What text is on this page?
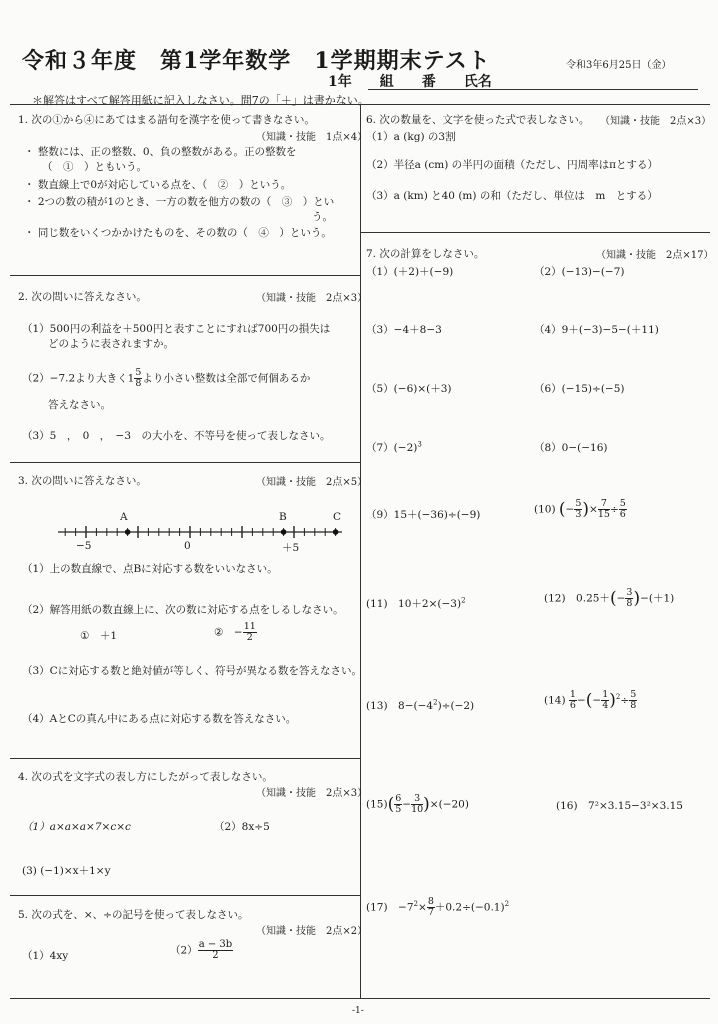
令和３年度　第1学年数学　1学期期末テスト	令和3年6月25日（金）
1年　　組　　番　　氏名
＊解答はすべて解答用紙に記入しなさい。問7の「＋」は書かない。
1. 次の①から④にあてはまる語句を漢字を使って書きなさい。
（知識・技能　1点×4）
・ 整数には、正の整数、0、負の整数がある。正の整数を
（　①　）ともいう。
・ 数直線上で0が対応している点を、（　②　）という。
・ 2つの数の積が1のとき、一方の数を他方の数の（　③　）とい
う。
・ 同じ数をいくつかかけたものを、その数の（　④　）という。
2. 次の問いに答えなさい。	（知識・技能　2点×3）
（1）500円の利益を＋500円と表すことにすれば700円の損失は
どのように表されますか。
（2）−7.2より大きく$1 \frac{5}{8}$ より小さい整数は全部で何個あるか
答えなさい。
（3）5　，　0　，　−3　の大小を、不等号を使って表しなさい。
3. 次の問いに答えなさい。	（知識・技能　2点×5）
A	B	C
−5	0	＋5
（1）上の数直線で、点Bに対応する数をいいなさい。
（2）解答用紙の数直線上に、次の数に対応する点をしるしなさい。
①　＋1	②　− $\frac{11}{2}$
（3）Cに対応する数と絶対値が等しく、符号が異なる数を答えなさい。
（4）AとCの真ん中にある点に対応する数を答えなさい。
4. 次の式を文字式の表し方にしたがって表しなさい。
（知識・技能　2点×3）
（1）a×a×a×7×c×c	（2）8x÷5
(3) (−1)×x＋1×y
5. 次の式を、×、÷の記号を使って表しなさい。
（知識・技能　2点×2）
（1）4xy	$(2) \frac{a - 3b}{2}$
6. 次の数量を、文字を使った式で表しなさい。 （知識・技能　2点×3）
（1）a (kg) の3割
（2）半径a (cm) の半円の面積（ただし、円周率はπとする）
（3）a (km) と40 (m) の和（ただし、単位は　m　とする）
7. 次の計算をしなさい。	（知識・技能　2点×17）
（1）(＋2)＋(−9)	（2）(−13)−(−7)
（3）−4＋8−3	（4）9＋(−3)−5−(＋11)
（5）(−6)×(＋3)	（6）(−15)÷(−5)
$(7)(-2)^3$	（8）0−(−16)
（9）15＋(−36)÷(−9)	(10) (− $\frac{5}{3}$ )× $\frac{7}{15} \div \frac{5}{6}$
(11)　$10+2\times(-3)^2$	(12)　$0.25+(- \frac{3}{8} )-(+1)$
(13)　$8-(-4^2)\div(-2)$	$(14) \frac{1}{6}$ −(− $\frac{1}{4} )^2\div \frac{5}{8}$
$(15)( \frac{6}{5} - \frac{3}{10} )\times(-20)$	(16)　7²×3.15−3²×3.15
(17)　$-7^2\times \frac{8}{7} +0.2\div(-0.1)^2$
-1-
